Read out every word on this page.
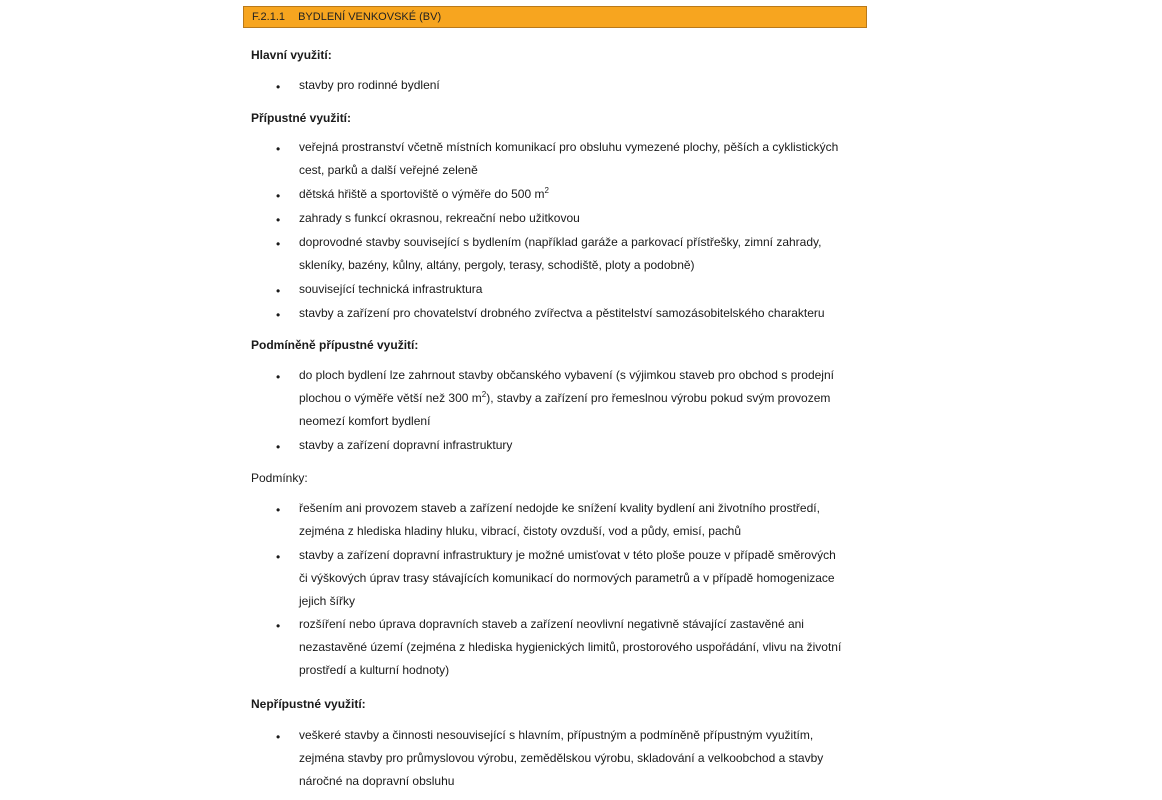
F.2.1.1 BYDLENÍ VENKOVSKÉ (BV)
Hlavní využití:
• stavby pro rodinné bydlení
Přípustné využití:
• veřejná prostranství včetně místních komunikací pro obsluhu vymezené plochy, pěších a cyklistických
cest, parků a další veřejné zeleně
• dětská hřiště a sportoviště o výměře do 500 $m^2$
• zahrady s funkcí okrasnou, rekreační nebo užitkovou
• doprovodné stavby související s bydlením (například garáže a parkovací přístřešky, zimní zahrady,
skleníky, bazény, kůlny, altány, pergoly, terasy, schodiště, ploty a podobně)
• související technická infrastruktura
• stavby a zařízení pro chovatelství drobného zvířectva a pěstitelství samozásobitelského charakteru
Podmíněně přípustné využití:
• do ploch bydlení lze zahrnout stavby občanského vybavení (s výjimkou staveb pro obchod s prodejní
plochou o výměře větší než 300 $m^2$), stavby a zařízení pro řemeslnou výrobu pokud svým provozem
neomezí komfort bydlení
• stavby a zařízení dopravní infrastruktury
Podmínky:
• řešením ani provozem staveb a zařízení nedojde ke snížení kvality bydlení ani životního prostředí,
zejména z hlediska hladiny hluku, vibrací, čistoty ovzduší, vod a půdy, emisí, pachů
• stavby a zařízení dopravní infrastruktury je možné umisťovat v této ploše pouze v případě směrových
či výškových úprav trasy stávajících komunikací do normových parametrů a v případě homogenizace
jejich šířky
• rozšíření nebo úprava dopravních staveb a zařízení neovlivní negativně stávající zastavěné ani
nezastavěné území (zejména z hlediska hygienických limitů, prostorového uspořádání, vlivu na životní
prostředí a kulturní hodnoty)
Nepřípustné využití:
• veškeré stavby a činnosti nesouvisející s hlavním, přípustným a podmíněně přípustným využitím,
zejména stavby pro průmyslovou výrobu, zemědělskou výrobu, skladování a velkoobchod a stavby
náročné na dopravní obsluhu
